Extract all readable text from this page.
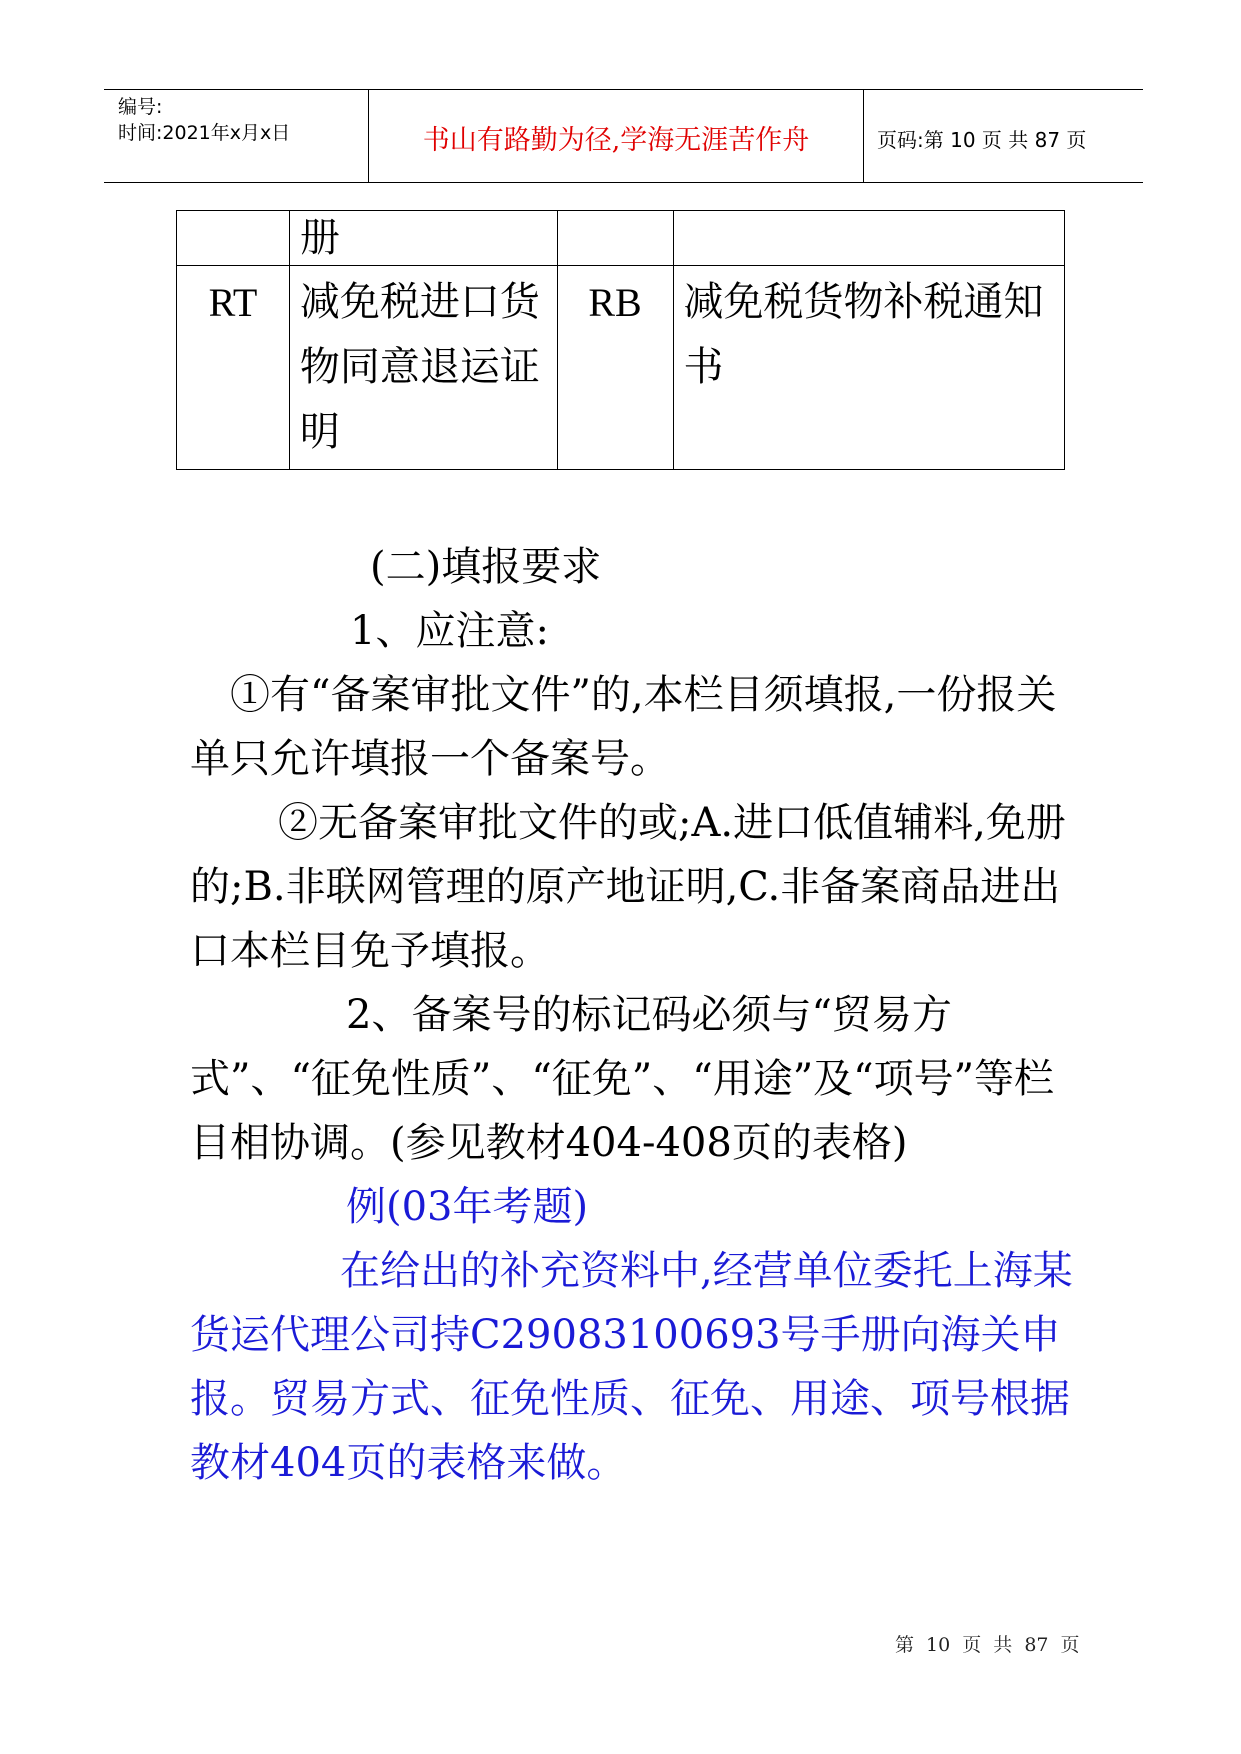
编号:
时间:2021年x月x日	书山有路勤为径,学海无涯苦作舟	页码:第 10 页 共 87 页
	册		
RT	减免税进口货物同意退运证明	RB	减免税货物补税通知书

(二)填报要求

1、应注意:

①有“备案审批文件”的,本栏目须填报,一份报关单只允许填报一个备案号。

②无备案审批文件的或;A.进口低值辅料,免册的;B.非联网管理的原产地证明,C.非备案商品进出口本栏目免予填报。

2、备案号的标记码必须与“贸易方式”、“征免性质”、“征免”、“用途”及“项号”等栏目相协调。(参见教材404-408页的表格)

例(03年考题)

在给出的补充资料中,经营单位委托上海某货运代理公司持C29083100693号手册向海关申报。贸易方式、征免性质、征免、用途、项号根据教材404页的表格来做。

第 10 页 共 87 页
